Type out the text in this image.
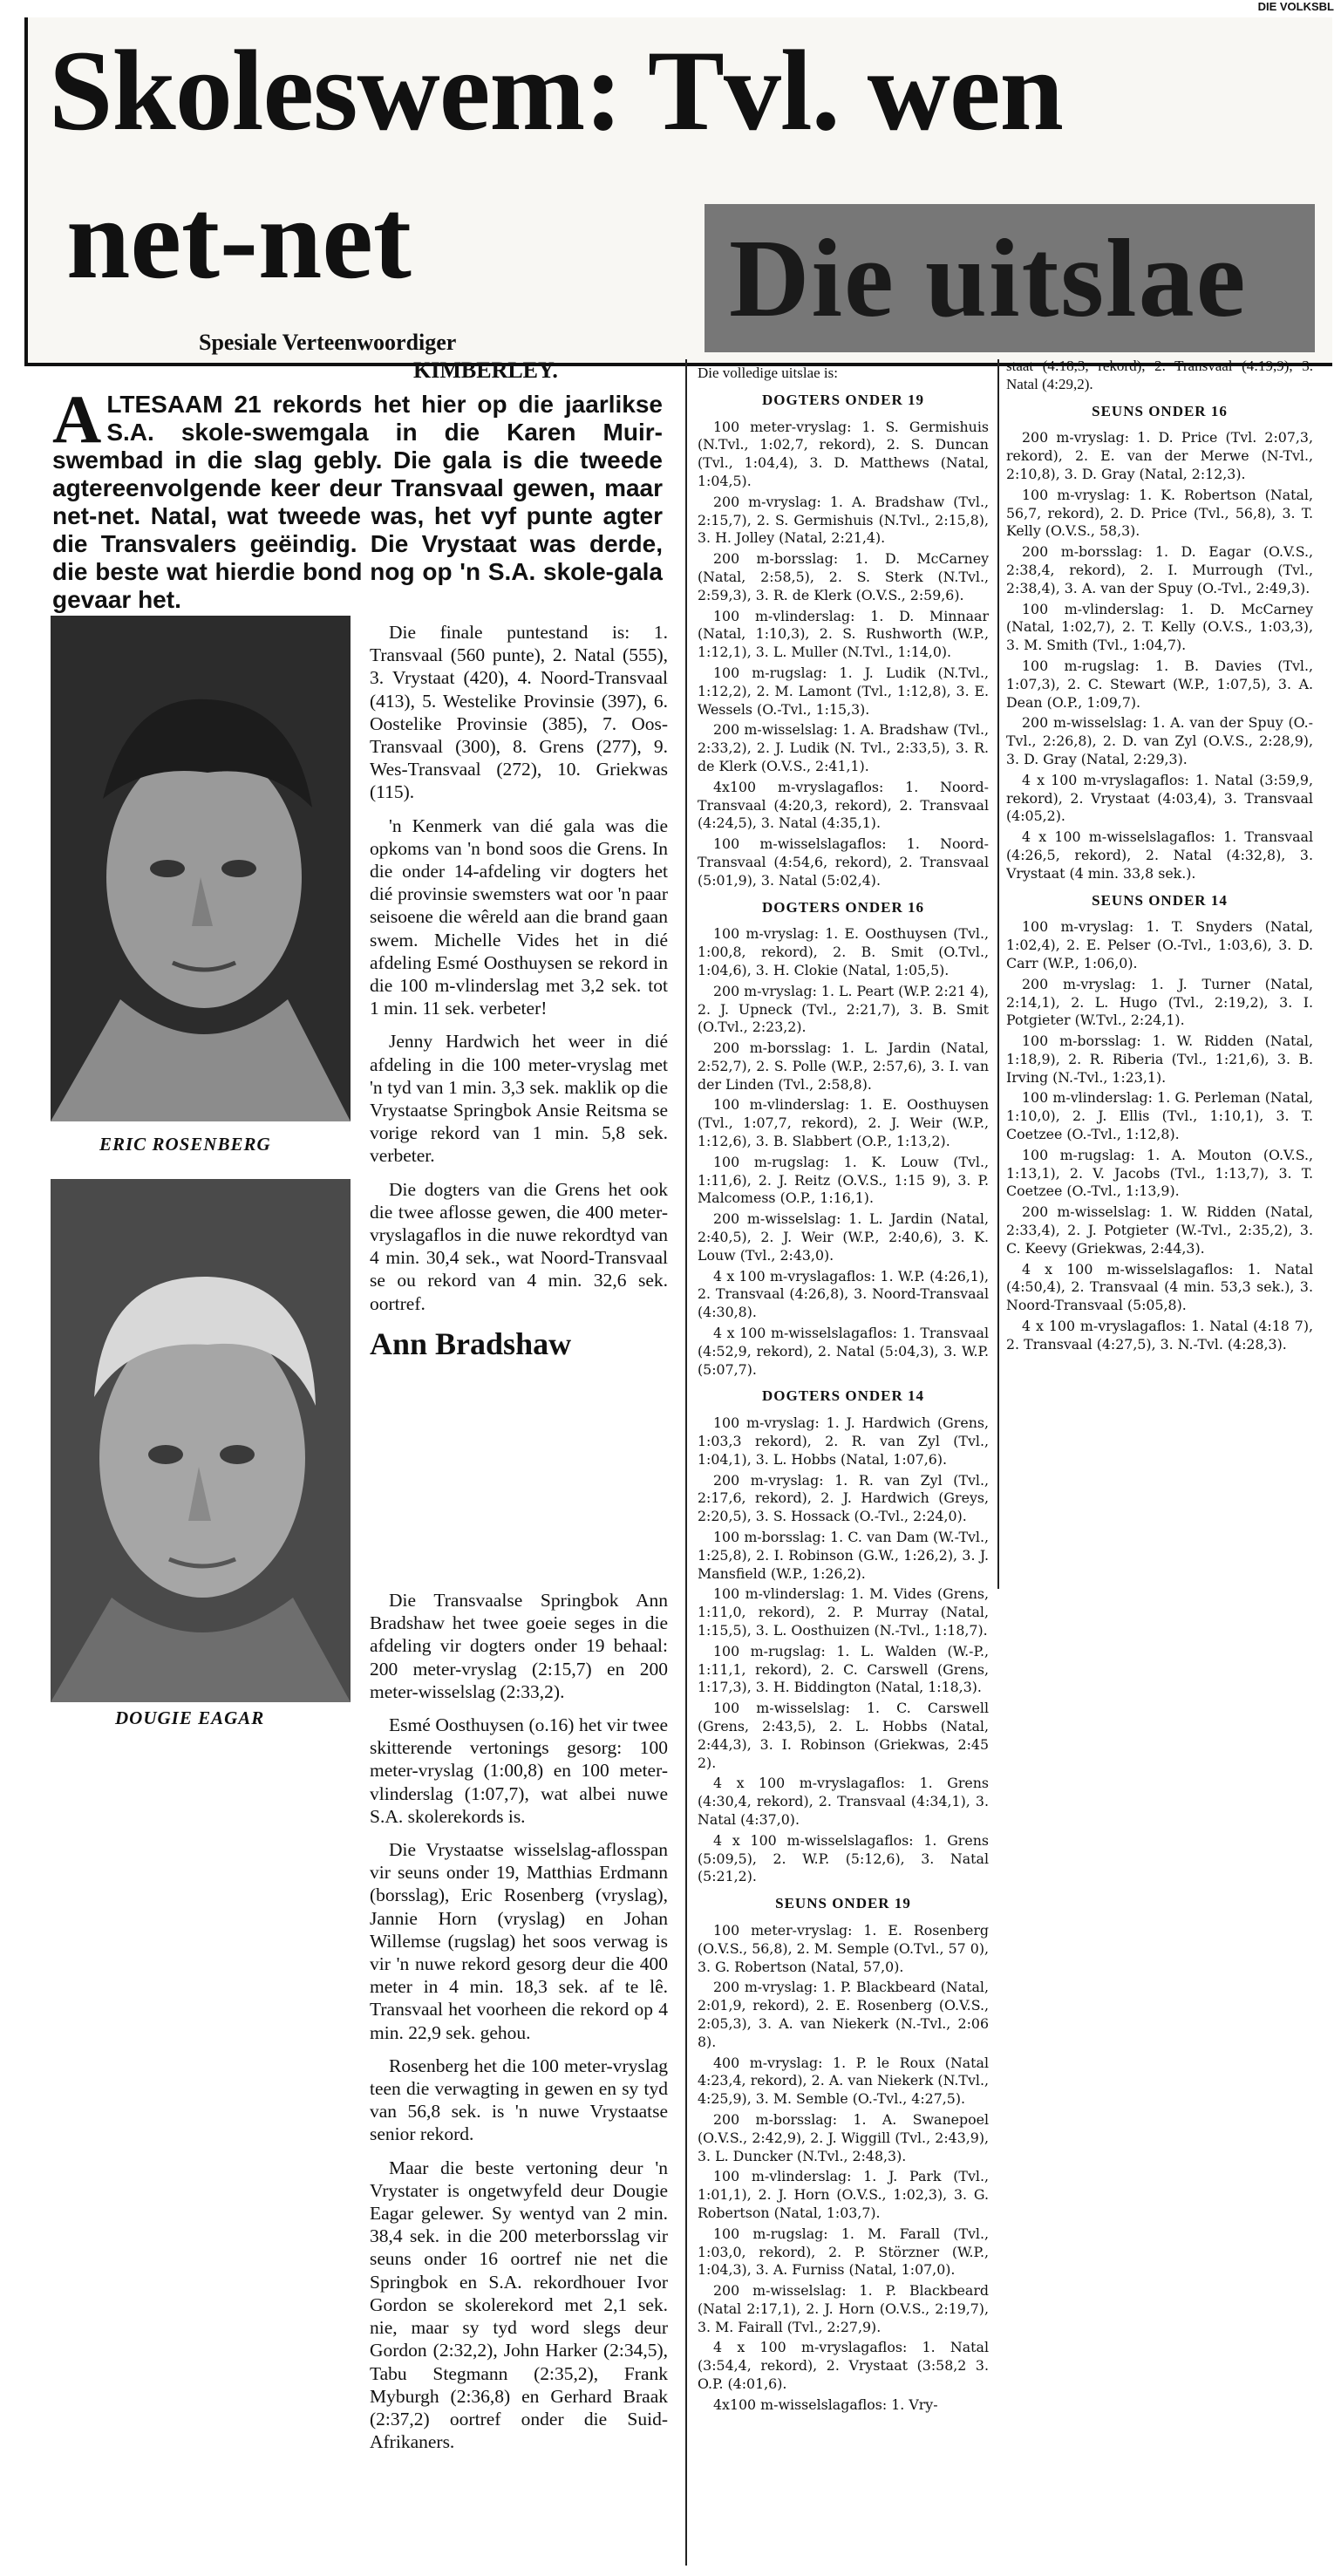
DIE VOLKSBL
Skoleswem: Tvl. wen
net-net	Die uitslae
Spesiale Verteenwoordiger
KIMBERLEY.
A LTESAAM 21 rekords het hier op die jaarlikse S.A. skole-swemgala in die Karen Muir-swembad in die slag gebly. Die gala is die tweede agtereenvolgende keer deur Transvaal gewen, maar net-net. Natal, wat tweede was, het vyf punte agter die Transvalers geëindig. Die Vrystaat was derde, die beste wat hierdie bond nog op 'n S.A. skole-gala gevaar het.
ERIC ROSENBERG
DOUGIE EAGAR

Die finale puntestand is: 1. Transvaal (560 punte), 2. Natal (555), 3. Vrystaat (420), 4. Noord-Transvaal (413), 5. Westelike Provinsie (397), 6. Oostelike Provinsie (385), 7. Oos-Transvaal (300), 8. Grens (277), 9. Wes-Transvaal (272), 10. Griekwas (115).

'n Kenmerk van dié gala was die opkoms van 'n bond soos die Grens. In die onder 14-afdeling vir dogters het dié provinsie swemsters wat oor 'n paar seisoene die wêreld aan die brand gaan swem. Michelle Vides het in dié afdeling Esmé Oosthuysen se rekord in die 100 m-vlinderslag met 3,2 sek. tot 1 min. 11 sek. verbeter!

Jenny Hardwich het weer in dié afdeling in die 100 meter-vryslag met 'n tyd van 1 min. 3,3 sek. maklik op die Vrystaatse Springbok Ansie Reitsma se vorige rekord van 1 min. 5,8 sek. verbeter.

Die dogters van die Grens het ook die twee aflosse gewen, die 400 meter-vryslagaflos in die nuwe rekordtyd van 4 min. 30,4 sek., wat Noord-Transvaal se ou rekord van 4 min. 32,6 sek. oortref.

Ann Bradshaw

Die Transvaalse Springbok Ann Bradshaw het twee goeie seges in die afdeling vir dogters onder 19 behaal: 200 meter-vryslag (2:15,7) en 200 meter-wisselslag (2:33,2).

Esmé Oosthuysen (o.16) het vir twee skitterende vertonings gesorg: 100 meter-vryslag (1:00,8) en 100 meter-vlinderslag (1:07,7), wat albei nuwe S.A. skolerekords is.

Die Vrystaatse wisselslag-aflosspan vir seuns onder 19, Matthias Erdmann (borsslag), Eric Rosenberg (vryslag), Jannie Horn (vryslag) en Johan Willemse (rugslag) het soos verwag is vir 'n nuwe rekord gesorg deur die 400 meter in 4 min. 18,3 sek. af te lê. Transvaal het voorheen die rekord op 4 min. 22,9 sek. gehou.

Rosenberg het die 100 meter-vryslag teen die verwagting in gewen en sy tyd van 56,8 sek. is 'n nuwe Vrystaatse senior rekord.

Maar die beste vertoning deur 'n Vrystater is ongetwyfeld deur Dougie Eagar gelewer. Sy wentyd van 2 min. 38,4 sek. in die 200 meterborsslag vir seuns onder 16 oortref nie net die Springbok en S.A. rekordhouer Ivor Gordon se skolerekord met 2,1 sek. nie, maar sy tyd word slegs deur Gordon (2:32,2), John Harker (2:34,5), Tabu Stegmann (2:35,2), Frank Myburgh (2:36,8) en Gerhard Braak (2:37,2) oortref onder die Suid-Afrikaners.

Die volledige uitslae is:

DOGTERS ONDER 19

100 meter-vryslag: 1. S. Germishuis (N.Tvl., 1:02,7, rekord), 2. S. Duncan (Tvl., 1:04,4), 3. D. Matthews (Natal, 1:04,5).

200 m-vryslag: 1. A. Bradshaw (Tvl., 2:15,7), 2. S. Germishuis (N.Tvl., 2:15,8), 3. H. Jolley (Natal, 2:21,4).

200 m-borsslag: 1. D. McCarney (Natal, 2:58,5), 2. S. Sterk (N.Tvl., 2:59,3), 3. R. de Klerk (O.V.S., 2:59,6).

100 m-vlinderslag: 1. D. Minnaar (Natal, 1:10,3), 2. S. Rushworth (W.P., 1:12,1), 3. L. Muller (N.Tvl., 1:14,0).

100 m-rugslag: 1. J. Ludik (N.Tvl., 1:12,2), 2. M. Lamont (Tvl., 1:12,8), 3. E. Wessels (O.-Tvl., 1:15,3).

200 m-wisselslag: 1. A. Bradshaw (Tvl., 2:33,2), 2. J. Ludik (N. Tvl., 2:33,5), 3. R. de Klerk (O.V.S., 2:41,1).

4x100 m-vryslagaflos: 1. Noord-Transvaal (4:20,3, rekord), 2. Transvaal (4:24,5), 3. Natal (4:35,1).

100 m-wisselslagaflos: 1. Noord-Transvaal (4:54,6, rekord), 2. Transvaal (5:01,9), 3. Natal (5:02,4).

DOGTERS ONDER 16

100 m-vryslag: 1. E. Oosthuysen (Tvl., 1:00,8, rekord), 2. B. Smit (O.Tvl., 1:04,6), 3. H. Clokie (Natal, 1:05,5).

200 m-vryslag: 1. L. Peart (W.P. 2:21 4), 2. J. Upneck (Tvl., 2:21,7), 3. B. Smit (O.Tvl., 2:23,2).

200 m-borsslag: 1. L. Jardin (Natal, 2:52,7), 2. S. Polle (W.P., 2:57,6), 3. I. van der Linden (Tvl., 2:58,8).

100 m-vlinderslag: 1. E. Oosthuysen (Tvl., 1:07,7, rekord), 2. J. Weir (W.P., 1:12,6), 3. B. Slabbert (O.P., 1:13,2).

100 m-rugslag: 1. K. Louw (Tvl., 1:11,6), 2. J. Reitz (O.V.S., 1:15 9), 3. P. Malcomess (O.P., 1:16,1).

200 m-wisselslag: 1. L. Jardin (Natal, 2:40,5), 2. J. Weir (W.P., 2:40,6), 3. K. Louw (Tvl., 2:43,0).

4 x 100 m-vryslagaflos: 1. W.P. (4:26,1), 2. Transvaal (4:26,8), 3. Noord-Transvaal (4:30,8).

4 x 100 m-wisselslagaflos: 1. Transvaal (4:52,9, rekord), 2. Natal (5:04,3), 3. W.P. (5:07,7).

DOGTERS ONDER 14

100 m-vryslag: 1. J. Hardwich (Grens, 1:03,3 rekord), 2. R. van Zyl (Tvl., 1:04,1), 3. L. Hobbs (Natal, 1:07,6).

200 m-vryslag: 1. R. van Zyl (Tvl., 2:17,6, rekord), 2. J. Hardwich (Greys, 2:20,5), 3. S. Hossack (O.-Tvl., 2:24,0).

100 m-borsslag: 1. C. van Dam (W.-Tvl., 1:25,8), 2. I. Robinson (G.W., 1:26,2), 3. J. Mansfield (W.P., 1:26,2).

100 m-vlinderslag: 1. M. Vides (Grens, 1:11,0, rekord), 2. P. Murray (Natal, 1:15,5), 3. L. Oosthuizen (N.-Tvl., 1:18,7).

100 m-rugslag: 1. L. Walden (W.-P., 1:11,1, rekord), 2. C. Carswell (Grens, 1:17,3), 3. H. Biddington (Natal, 1:18,3).

100 m-wisselslag: 1. C. Carswell (Grens, 2:43,5), 2. L. Hobbs (Natal, 2:44,3), 3. I. Robinson (Griekwas, 2:45 2).

4 x 100 m-vryslagaflos: 1. Grens (4:30,4, rekord), 2. Transvaal (4:34,1), 3. Natal (4:37,0).

4 x 100 m-wisselslagaflos: 1. Grens (5:09,5), 2. W.P. (5:12,6), 3. Natal (5:21,2).

SEUNS ONDER 19

100 meter-vryslag: 1. E. Rosenberg (O.V.S., 56,8), 2. M. Semple (O.Tvl., 57 0), 3. G. Robertson (Natal, 57,0).

200 m-vryslag: 1. P. Blackbeard (Natal, 2:01,9, rekord), 2. E. Rosenberg (O.V.S., 2:05,3), 3. A. van Niekerk (N.-Tvl., 2:06 8).

400 m-vryslag: 1. P. le Roux (Natal 4:23,4, rekord), 2. A. van Niekerk (N.Tvl., 4:25,9), 3. M. Semble (O.-Tvl., 4:27,5).

200 m-borsslag: 1. A. Swanepoel (O.V.S., 2:42,9), 2. J. Wiggill (Tvl., 2:43,9), 3. L. Duncker (N.Tvl., 2:48,3).

100 m-vlinderslag: 1. J. Park (Tvl., 1:01,1), 2. J. Horn (O.V.S., 1:02,3), 3. G. Robertson (Natal, 1:03,7).

100 m-rugslag: 1. M. Farall (Tvl., 1:03,0, rekord), 2. P. Störzner (W.P., 1:04,3), 3. A. Furniss (Natal, 1:07,0).

200 m-wisselslag: 1. P. Blackbeard (Natal 2:17,1), 2. J. Horn (O.V.S., 2:19,7), 3. M. Fairall (Tvl., 2:27,9).

4 x 100 m-vryslagaflos: 1. Natal (3:54,4, rekord), 2. Vrystaat (3:58,2 3. O.P. (4:01,6).

4x100 m-wisselslagaflos: 1. Vry-

staat (4:18,3, rekord), 2. Transvaal (4:19,9), 3. Natal (4:29,2).

SEUNS ONDER 16

200 m-vryslag: 1. D. Price (Tvl. 2:07,3, rekord), 2. E. van der Merwe (N-Tvl., 2:10,8), 3. D. Gray (Natal, 2:12,3).

100 m-vryslag: 1. K. Robertson (Natal, 56,7, rekord), 2. D. Price (Tvl., 56,8), 3. T. Kelly (O.V.S., 58,3).

200 m-borsslag: 1. D. Eagar (O.V.S., 2:38,4, rekord), 2. I. Murrough (Tvl., 2:38,4), 3. A. van der Spuy (O.-Tvl., 2:49,3).

100 m-vlinderslag: 1. D. McCarney (Natal, 1:02,7), 2. T. Kelly (O.V.S., 1:03,3), 3. M. Smith (Tvl., 1:04,7).

100 m-rugslag: 1. B. Davies (Tvl., 1:07,3), 2. C. Stewart (W.P., 1:07,5), 3. A. Dean (O.P., 1:09,7).

200 m-wisselslag: 1. A. van der Spuy (O.-Tvl., 2:26,8), 2. D. van Zyl (O.V.S., 2:28,9), 3. D. Gray (Natal, 2:29,3).

4 x 100 m-vryslagaflos: 1. Natal (3:59,9, rekord), 2. Vrystaat (4:03,4), 3. Transvaal (4:05,2).

4 x 100 m-wisselslagaflos: 1. Transvaal (4:26,5, rekord), 2. Natal (4:32,8), 3. Vrystaat (4 min. 33,8 sek.).

SEUNS ONDER 14

100 m-vryslag: 1. T. Snyders (Natal, 1:02,4), 2. E. Pelser (O.-Tvl., 1:03,6), 3. D. Carr (W.P., 1:06,0).

200 m-vryslag: 1. J. Turner (Natal, 2:14,1), 2. L. Hugo (Tvl., 2:19,2), 3. I. Potgieter (W.Tvl., 2:24,1).

100 m-borsslag: 1. W. Ridden (Natal, 1:18,9), 2. R. Riberia (Tvl., 1:21,6), 3. B. Irving (N.-Tvl., 1:23,1).

100 m-vlinderslag: 1. G. Perleman (Natal, 1:10,0), 2. J. Ellis (Tvl., 1:10,1), 3. T. Coetzee (O.-Tvl., 1:12,8).

100 m-rugslag: 1. A. Mouton (O.V.S., 1:13,1), 2. V. Jacobs (Tvl., 1:13,7), 3. T. Coetzee (O.-Tvl., 1:13,9).

200 m-wisselslag: 1. W. Ridden (Natal, 2:33,4), 2. J. Potgieter (W.-Tvl., 2:35,2), 3. C. Keevy (Griekwas, 2:44,3).

4 x 100 m-wisselslagaflos: 1. Natal (4:50,4), 2. Transvaal (4 min. 53,3 sek.), 3. Noord-Transvaal (5:05,8).

4 x 100 m-vryslagaflos: 1. Natal (4:18 7), 2. Transvaal (4:27,5), 3. N.-Tvl. (4:28,3).
